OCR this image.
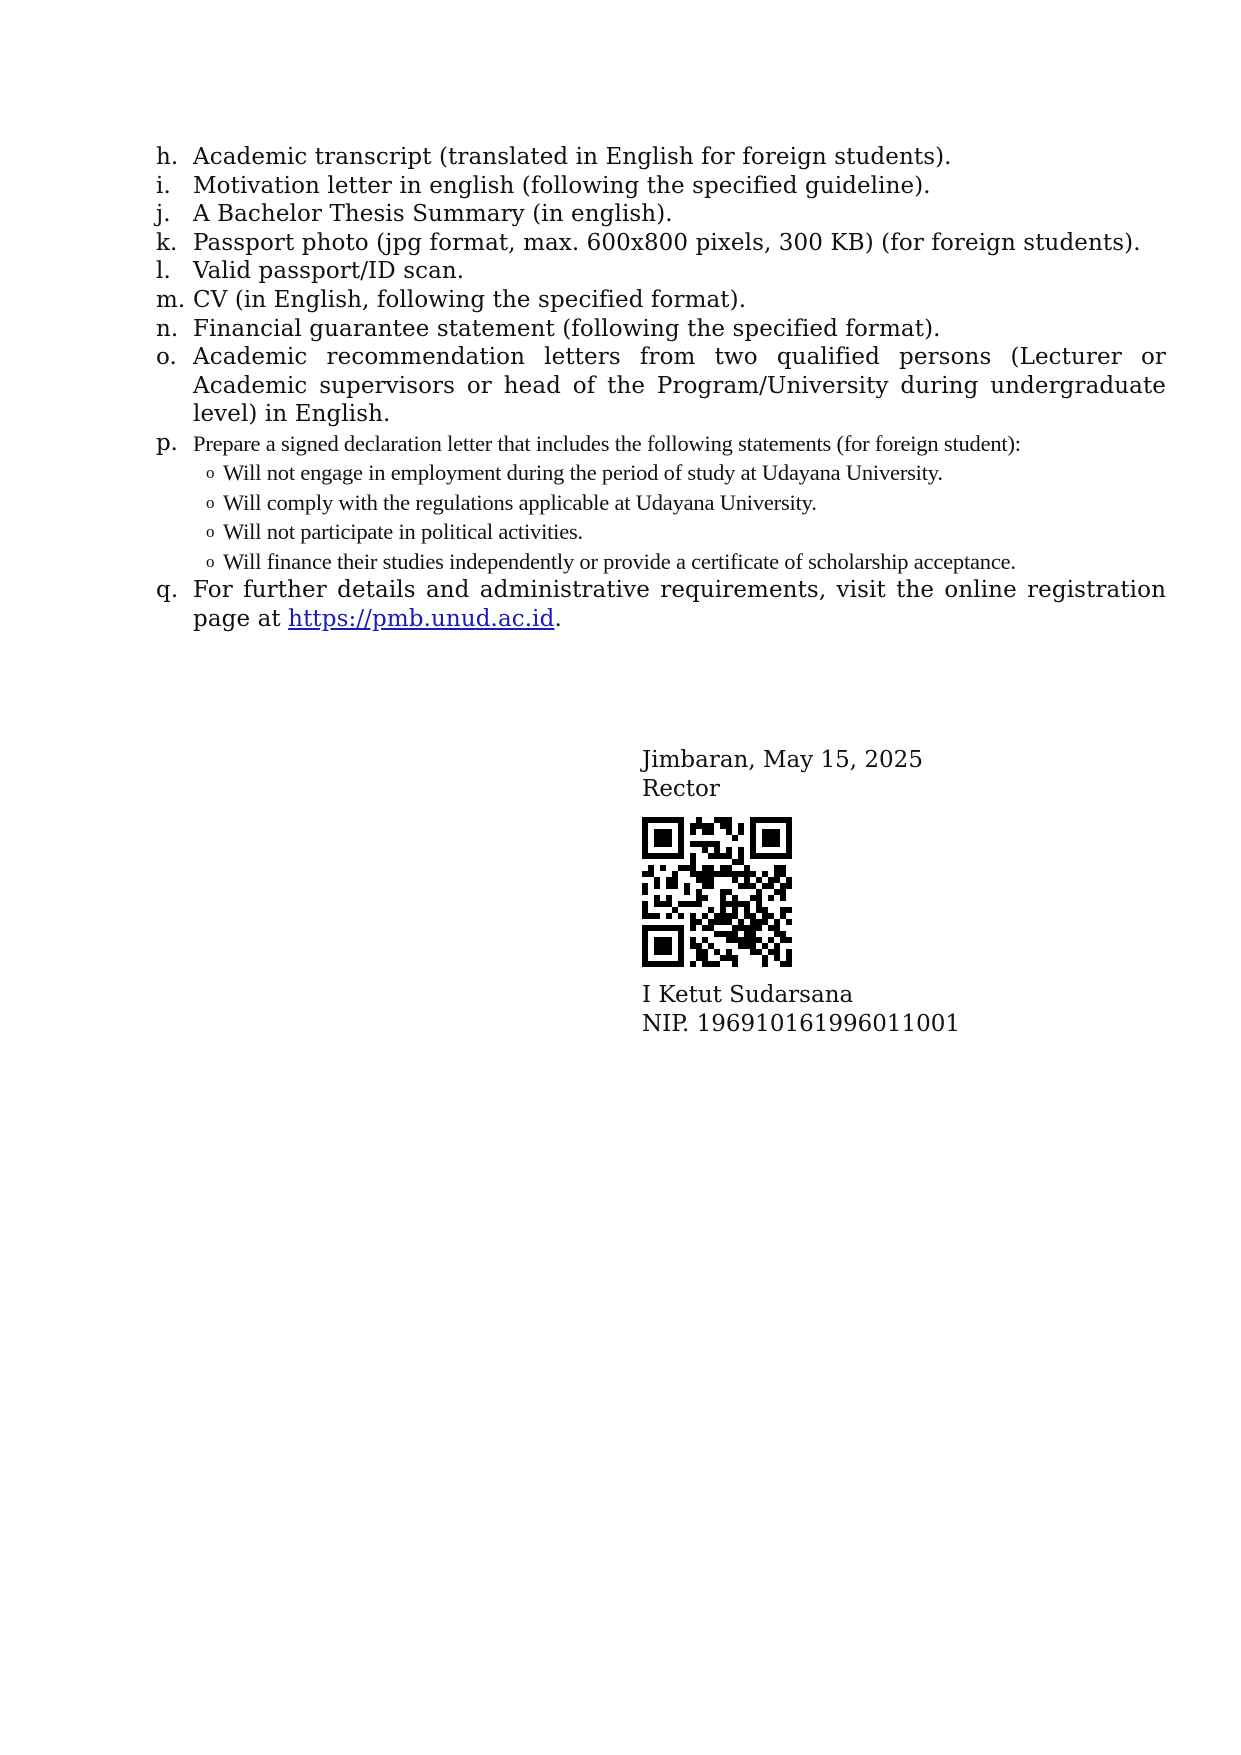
h. Academic transcript (translated in English for foreign students).
i. Motivation letter in english (following the specified guideline).
j. A Bachelor Thesis Summary (in english).
k. Passport photo (jpg format, max. 600x800 pixels, 300 KB) (for foreign students).
l. Valid passport/ID scan.
m. CV (in English, following the specified format).
n. Financial guarantee statement (following the specified format).
o. Academic recommendation letters from two qualified persons (Lecturer or Academic supervisors or head of the Program/University during undergraduate level) in English.
p. Prepare a signed declaration letter that includes the following statements (for foreign student):
o Will not engage in employment during the period of study at Udayana University.
o Will comply with the regulations applicable at Udayana University.
o Will not participate in political activities.
o Will finance their studies independently or provide a certificate of scholarship acceptance.
q. For further details and administrative requirements, visit the online registration page at https://pmb.unud.ac.id.
Jimbaran, May 15, 2025
Rector
I Ketut Sudarsana
NIP. 196910161996011001
